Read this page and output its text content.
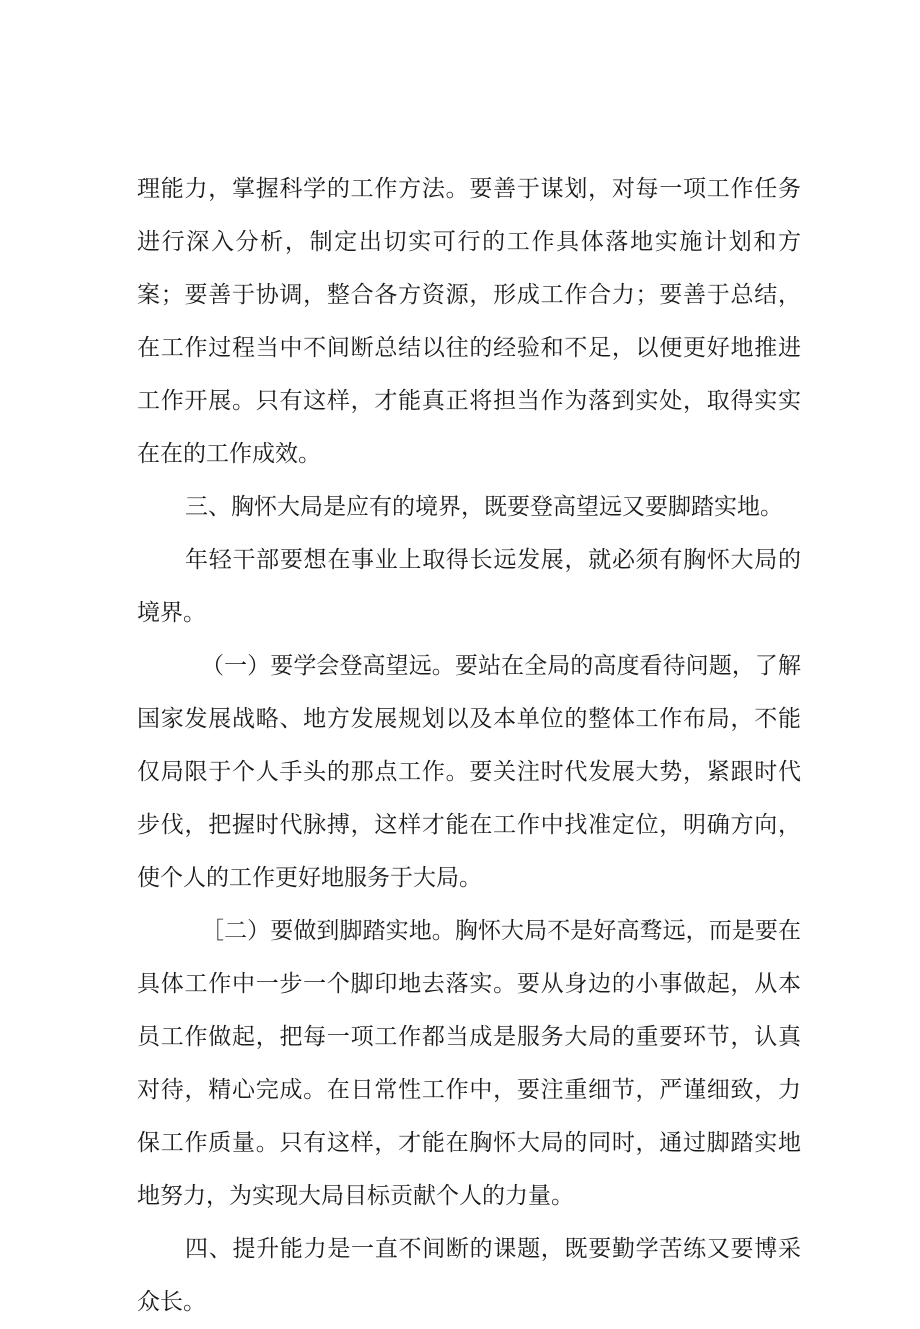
理能力，掌握科学的工作方法。要善于谋划，对每一项工作任务进行深入分析，制定出切实可行的工作具体落地实施计划和方案；要善于协调，整合各方资源，形成工作合力；要善于总结，在工作过程当中不间断总结以往的经验和不足，以便更好地推进工作开展。只有这样，才能真正将担当作为落到实处，取得实实在在的工作成效。

三、胸怀大局是应有的境界，既要登高望远又要脚踏实地。

年轻干部要想在事业上取得长远发展，就必须有胸怀大局的境界。

（一）要学会登高望远。要站在全局的高度看待问题，了解国家发展战略、地方发展规划以及本单位的整体工作布局，不能仅局限于个人手头的那点工作。要关注时代发展大势，紧跟时代步伐，把握时代脉搏，这样才能在工作中找准定位，明确方向，使个人的工作更好地服务于大局。

［二）要做到脚踏实地。胸怀大局不是好高骛远，而是要在具体工作中一步一个脚印地去落实。要从身边的小事做起，从本员工作做起，把每一项工作都当成是服务大局的重要环节，认真对待，精心完成。在日常性工作中，要注重细节，严谨细致，力保工作质量。只有这样，才能在胸怀大局的同时，通过脚踏实地地努力，为实现大局目标贡献个人的力量。

四、提升能力是一直不间断的课题，既要勤学苦练又要博采众长。
